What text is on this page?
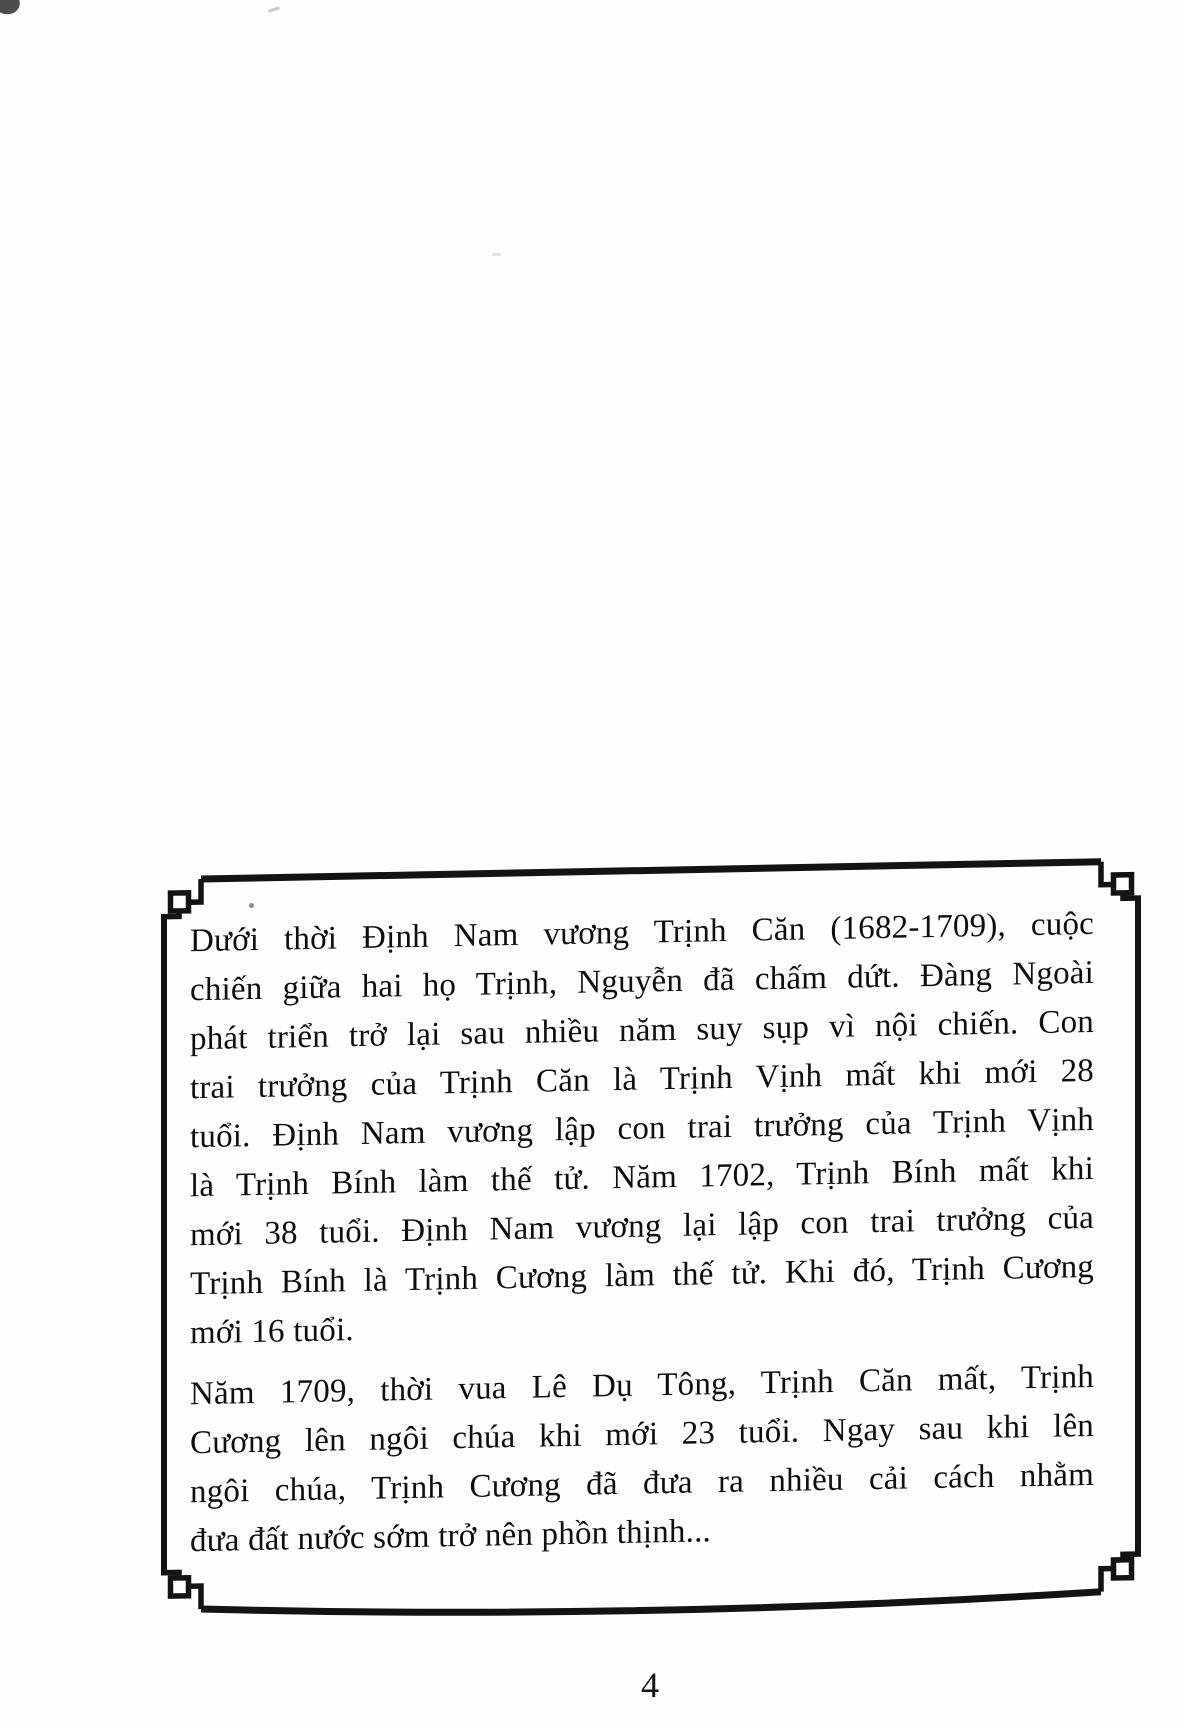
Dưới thời Định Nam vương Trịnh Căn (1682-1709), cuộc
chiến giữa hai họ Trịnh, Nguyễn đã chấm dứt. Đàng Ngoài
phát triển trở lại sau nhiều năm suy sụp vì nội chiến. Con
trai trưởng của Trịnh Căn là Trịnh Vịnh mất khi mới 28
tuổi. Định Nam vương lập con trai trưởng của Trịnh Vịnh
là Trịnh Bính làm thế tử. Năm 1702, Trịnh Bính mất khi
mới 38 tuổi. Định Nam vương lại lập con trai trưởng của
Trịnh Bính là Trịnh Cương làm thế tử. Khi đó, Trịnh Cương
mới 16 tuổi.
Năm 1709, thời vua Lê Dụ Tông, Trịnh Căn mất, Trịnh
Cương lên ngôi chúa khi mới 23 tuổi. Ngay sau khi lên
ngôi chúa, Trịnh Cương đã đưa ra nhiều cải cách nhằm
đưa đất nước sớm trở nên phồn thịnh...
4
